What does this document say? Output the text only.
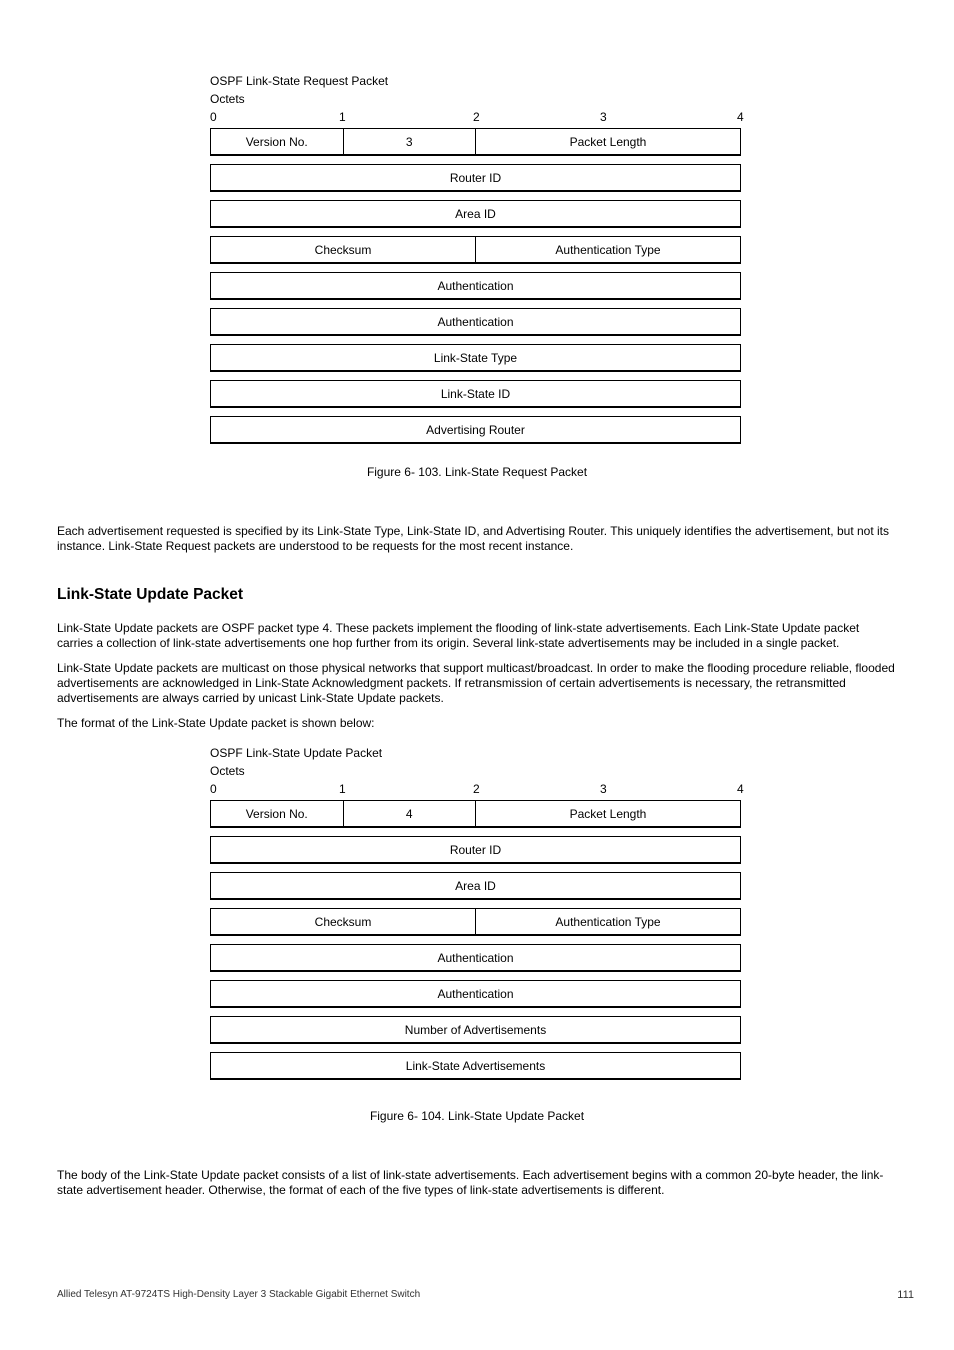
OSPF Link-State Request Packet
Octets
0	1	2	3	4
Version No.	3	Packet Length
Router ID
Area ID
Checksum	Authentication Type
Authentication
Authentication
Link-State Type
Link-State ID
Advertising Router
Figure 6- 103. Link-State Request Packet
Each advertisement requested is specified by its Link-State Type, Link-State ID, and Advertising Router. This uniquely identifies the advertisement, but not its instance. Link-State Request packets are understood to be requests for the most recent instance.
Link-State Update Packet
Link-State Update packets are OSPF packet type 4. These packets implement the flooding of link-state advertisements. Each Link-State Update packet carries a collection of link-state advertisements one hop further from its origin. Several link-state advertisements may be included in a single packet.
Link-State Update packets are multicast on those physical networks that support multicast/broadcast. In order to make the flooding procedure reliable, flooded advertisements are acknowledged in Link-State Acknowledgment packets. If retransmission of certain advertisements is necessary, the retransmitted advertisements are always carried by unicast Link-State Update packets.
The format of the Link-State Update packet is shown below:
OSPF Link-State Update Packet
Octets
0	1	2	3	4
Version No.	4	Packet Length
Router ID
Area ID
Checksum	Authentication Type
Authentication
Authentication
Number of Advertisements
Link-State Advertisements
Figure 6- 104. Link-State Update Packet
The body of the Link-State Update packet consists of a list of link-state advertisements. Each advertisement begins with a common 20-byte header, the link-state advertisement header. Otherwise, the format of each of the five types of link-state advertisements is different.
Allied Telesyn AT-9724TS High-Density Layer 3 Stackable Gigabit Ethernet Switch	111
